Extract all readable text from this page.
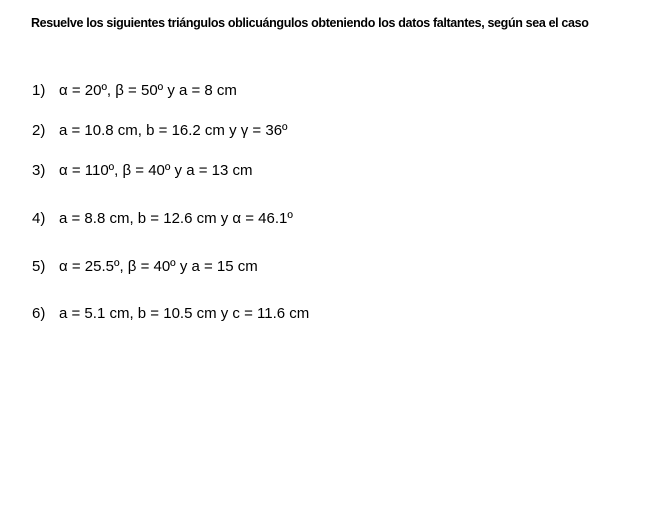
Resuelve los siguientes triángulos oblicuángulos obteniendo los datos faltantes, según sea el caso
1) α = 20º, β = 50º y a = 8 cm
2) a = 10.8 cm, b = 16.2 cm y γ = 36º
3) α = 110º, β = 40º y a = 13 cm
4) a = 8.8 cm, b = 12.6 cm y α = 46.1º
5) α = 25.5º, β = 40º y a = 15 cm
6) a = 5.1 cm, b = 10.5 cm y c = 11.6 cm
